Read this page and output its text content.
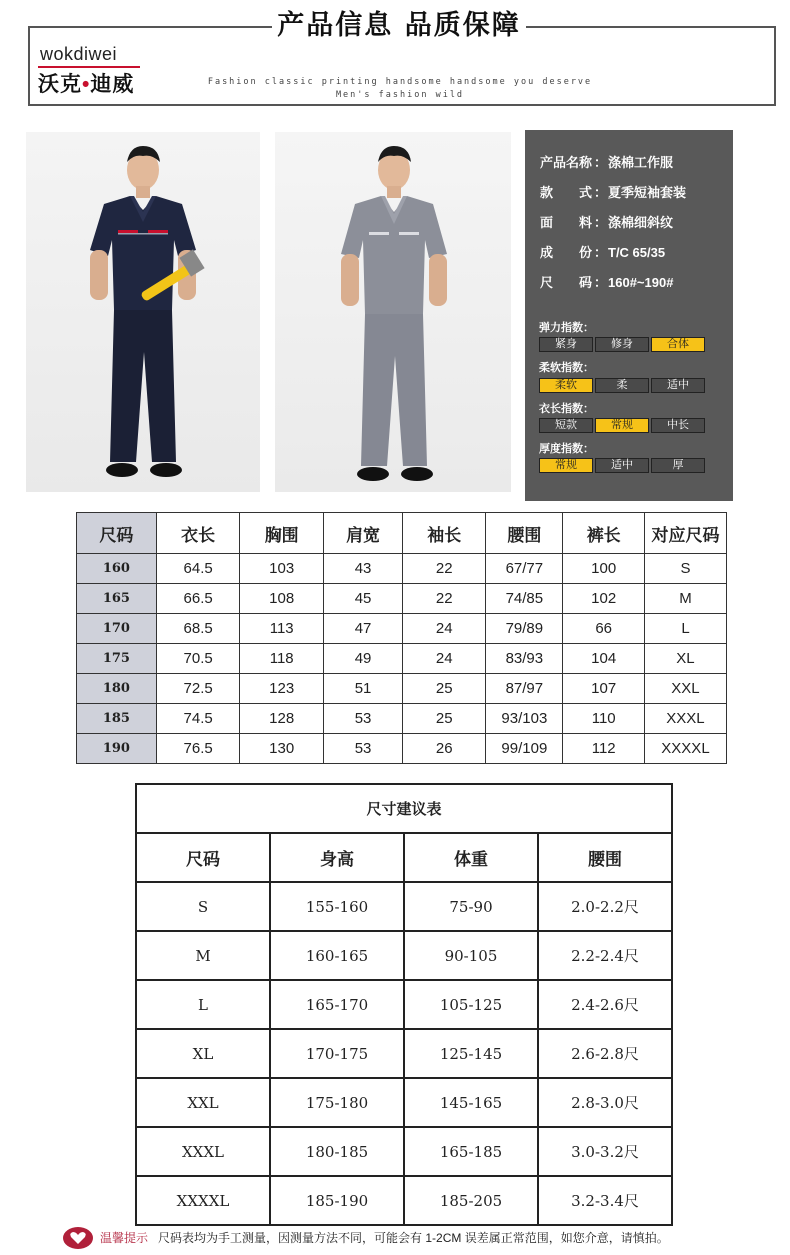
产品信息 品质保障
wokdiwei
沃克•迪威	Fashion classic printing handsome handsome you deserve
Men's fashion wild
产品名称 ：涤棉工作服
款　　式 ：夏季短袖套装
面　　料 ：涤棉细斜纹
成　　份 ：T/C 65/35
尺　　码 ：160#~190#
弹力指数：
紧身	修身	合体
柔软指数：
柔软	柔	适中
衣长指数：
短款	常规	中长
厚度指数：
常规	适中	厚
尺码	衣长	胸围	肩宽	袖长	腰围	裤长	对应尺码
160	64.5	103	43	22	67/77	100	S
165	66.5	108	45	22	74/85	102	M
170	68.5	113	47	24	79/89	66	L
175	70.5	118	49	24	83/93	104	XL
180	72.5	123	51	25	87/97	107	XXL
185	74.5	128	53	25	93/103	110	XXXL
190	76.5	130	53	26	99/109	112	XXXXL
尺寸建议表			
尺码	身高	体重	腰围
S	155-160	75-90	2.0-2.2尺
M	160-165	90-105	2.2-2.4尺
L	165-170	105-125	2.4-2.6尺
XL	170-175	125-145	2.6-2.8尺
XXL	175-180	145-165	2.8-3.0尺
XXXL	180-185	165-185	3.0-3.2尺
XXXXL	185-190	185-205	3.2-3.4尺
温馨提示 尺码表均为手工测量，因测量方法不同，可能会有 1-2CM 误差属正常范围，如您介意，请慎拍。
